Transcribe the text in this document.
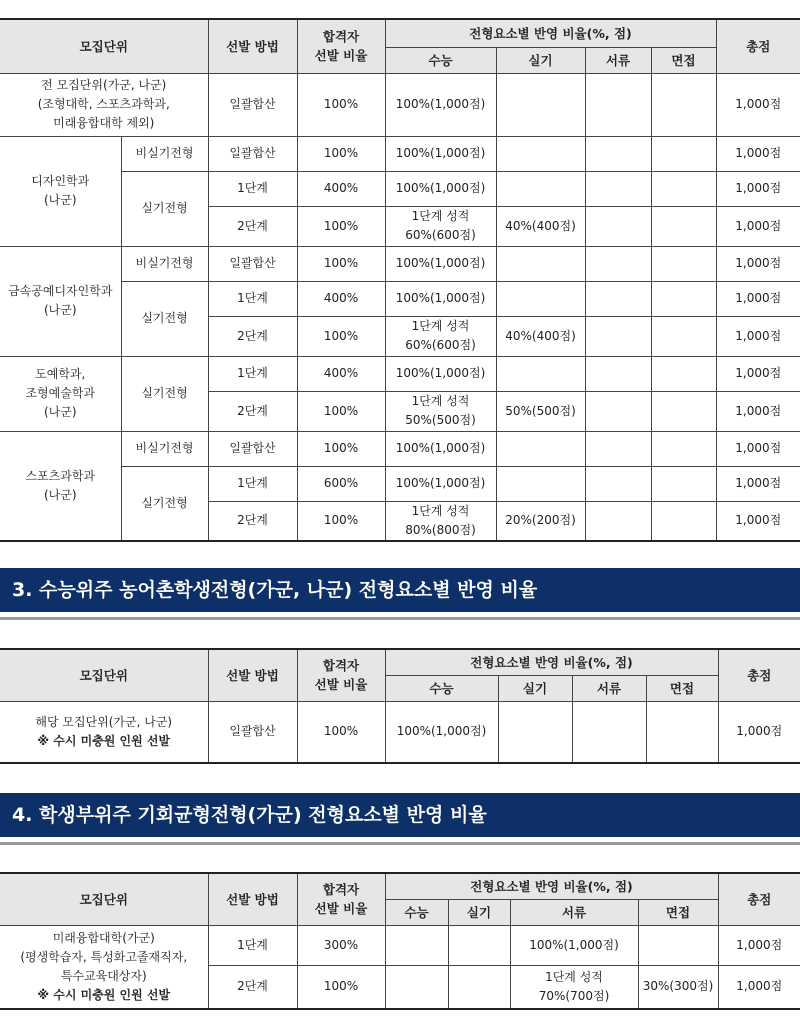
모집단위		선발 방법	합격자
선발 비율	전형요소별 반영 비율(%, 점)				총점
				수능	실기	서류	면접	
전 모집단위(가군, 나군)
(조형대학, 스포츠과학과,
미래융합대학 제외)		일괄합산	100%	100%(1,000점)				1,000점
디자인학과
(나군)	비실기전형	일괄합산	100%	100%(1,000점)				1,000점
	실기전형	1단계	400%	100%(1,000점)				1,000점
		2단계	100%	1단계 성적
60%(600점)	40%(400점)			1,000점
금속공예디자인학과
(나군)	비실기전형	일괄합산	100%	100%(1,000점)				1,000점
	실기전형	1단계	400%	100%(1,000점)				1,000점
		2단계	100%	1단계 성적
60%(600점)	40%(400점)			1,000점
도예학과,
조형예술학과
(나군)	실기전형	1단계	400%	100%(1,000점)				1,000점
		2단계	100%	1단계 성적
50%(500점)	50%(500점)			1,000점
스포츠과학과
(나군)	비실기전형	일괄합산	100%	100%(1,000점)				1,000점
	실기전형	1단계	600%	100%(1,000점)				1,000점
		2단계	100%	1단계 성적
80%(800점)	20%(200점)			1,000점
3. 수능위주 농어촌학생전형(가군, 나군) 전형요소별 반영 비율
모집단위	선발 방법	합격자
선발 비율	전형요소별 반영 비율(%, 점)				총점
			수능	실기	서류	면접	

해당 모집단위(가군, 나군)
※ 수시 미충원 인원 선발	일괄합산	100%	100%(1,000점)				1,000점
4. 학생부위주 기회균형전형(가군) 전형요소별 반영 비율
모집단위	선발 방법	합격자
선발 비율	전형요소별 반영 비율(%, 점)				총점
			수능	실기	서류	면접	

미래융합대학(가군)
(평생학습자, 특성화고졸재직자,
특수교육대상자)
※ 수시 미충원 인원 선발	1단계	300%			100%(1,000점)		1,000점
	2단계	100%			1단계 성적
70%(700점)	30%(300점)	1,000점
